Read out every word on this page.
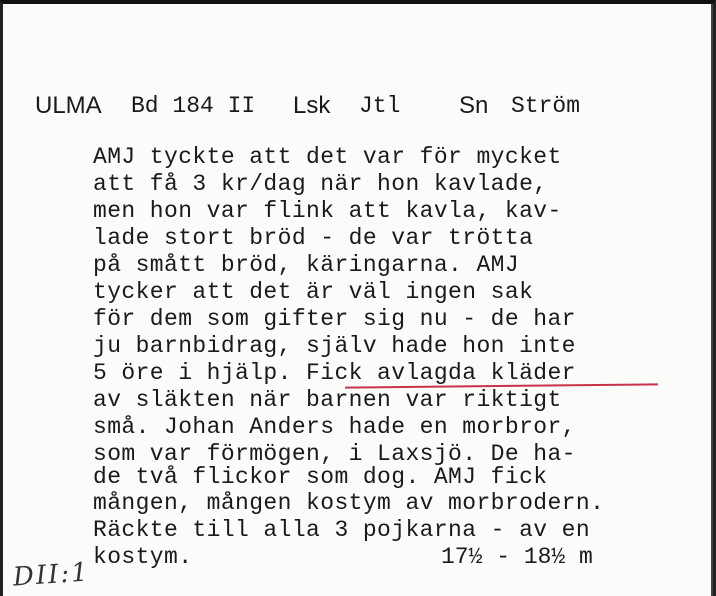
ULMA Bd 184 II Lsk Jtl Sn Ström
AMJ tyckte att det var för mycket
att få 3 kr/dag när hon kavlade,
men hon var flink att kavla, kav-
lade stort bröd - de var trötta
på smått bröd, käringarna. AMJ
tycker att det är väl ingen sak
för dem som gifter sig nu - de har
ju barnbidrag, själv hade hon inte
5 öre i hjälp. Fick avlagda kläder
av släkten när barnen var riktigt
små. Johan Anders hade en morbror,
som var förmögen, i Laxsjö. De ha-
de två flickor som dog. AMJ fick
mången, mången kostym av morbrodern.
Räckte till alla 3 pojkarna - av en
kostym.	17½ - 18½ m
DII:1
